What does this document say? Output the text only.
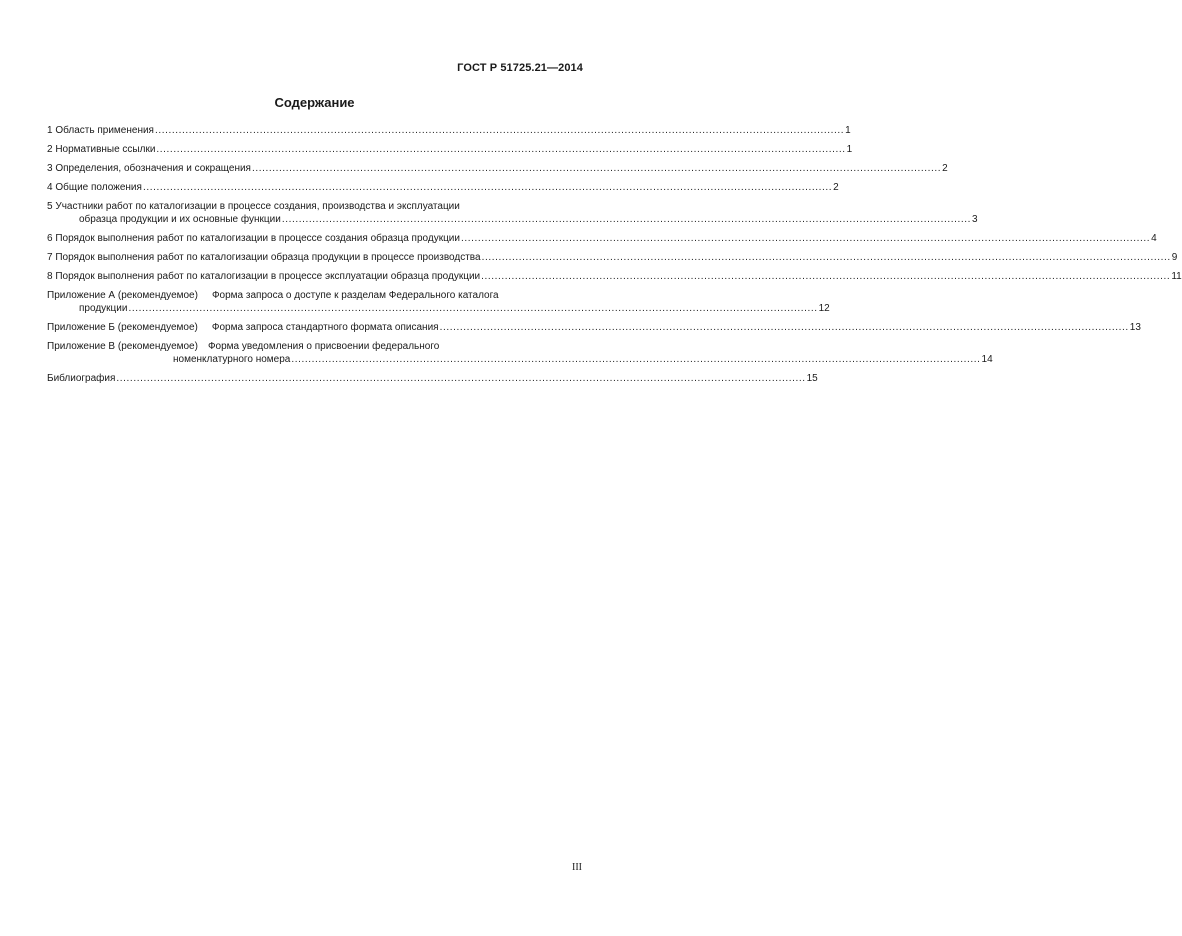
ГОСТ Р 51725.21—2014
Содержание
1 Область применения ............................................................................................................................................................................................................ 1
2 Нормативные ссылки ............................................................................................................................................................................................................ 1
3 Определения, обозначения и сокращения ............................................................................................................................................................................................................ 2
4 Общие положения ............................................................................................................................................................................................................ 2
5 Участники работ по каталогизации в процессе создания, производства и эксплуатации
образца продукции и их основные функции ............................................................................................................................................................................................................ 3
6 Порядок выполнения работ по каталогизации в процессе создания образца продукции ............................................................................................................................................................................................................ 4
7 Порядок выполнения работ по каталогизации образца продукции в процессе производства ............................................................................................................................................................................................................ 9
8 Порядок выполнения работ по каталогизации в процессе эксплуатации образца продукции ............................................................................................................................................................................................................ 11
Приложение А (рекомендуемое) Форма запроса о доступе к разделам Федерального каталога
продукции ............................................................................................................................................................................................................ 12
Приложение Б (рекомендуемое) Форма запроса стандартного формата описания ............................................................................................................................................................................................................ 13
Приложение В (рекомендуемое) Форма уведомления о присвоении федерального
номенклатурного номера ............................................................................................................................................................................................................ 14
Библиография ............................................................................................................................................................................................................ 15
III
